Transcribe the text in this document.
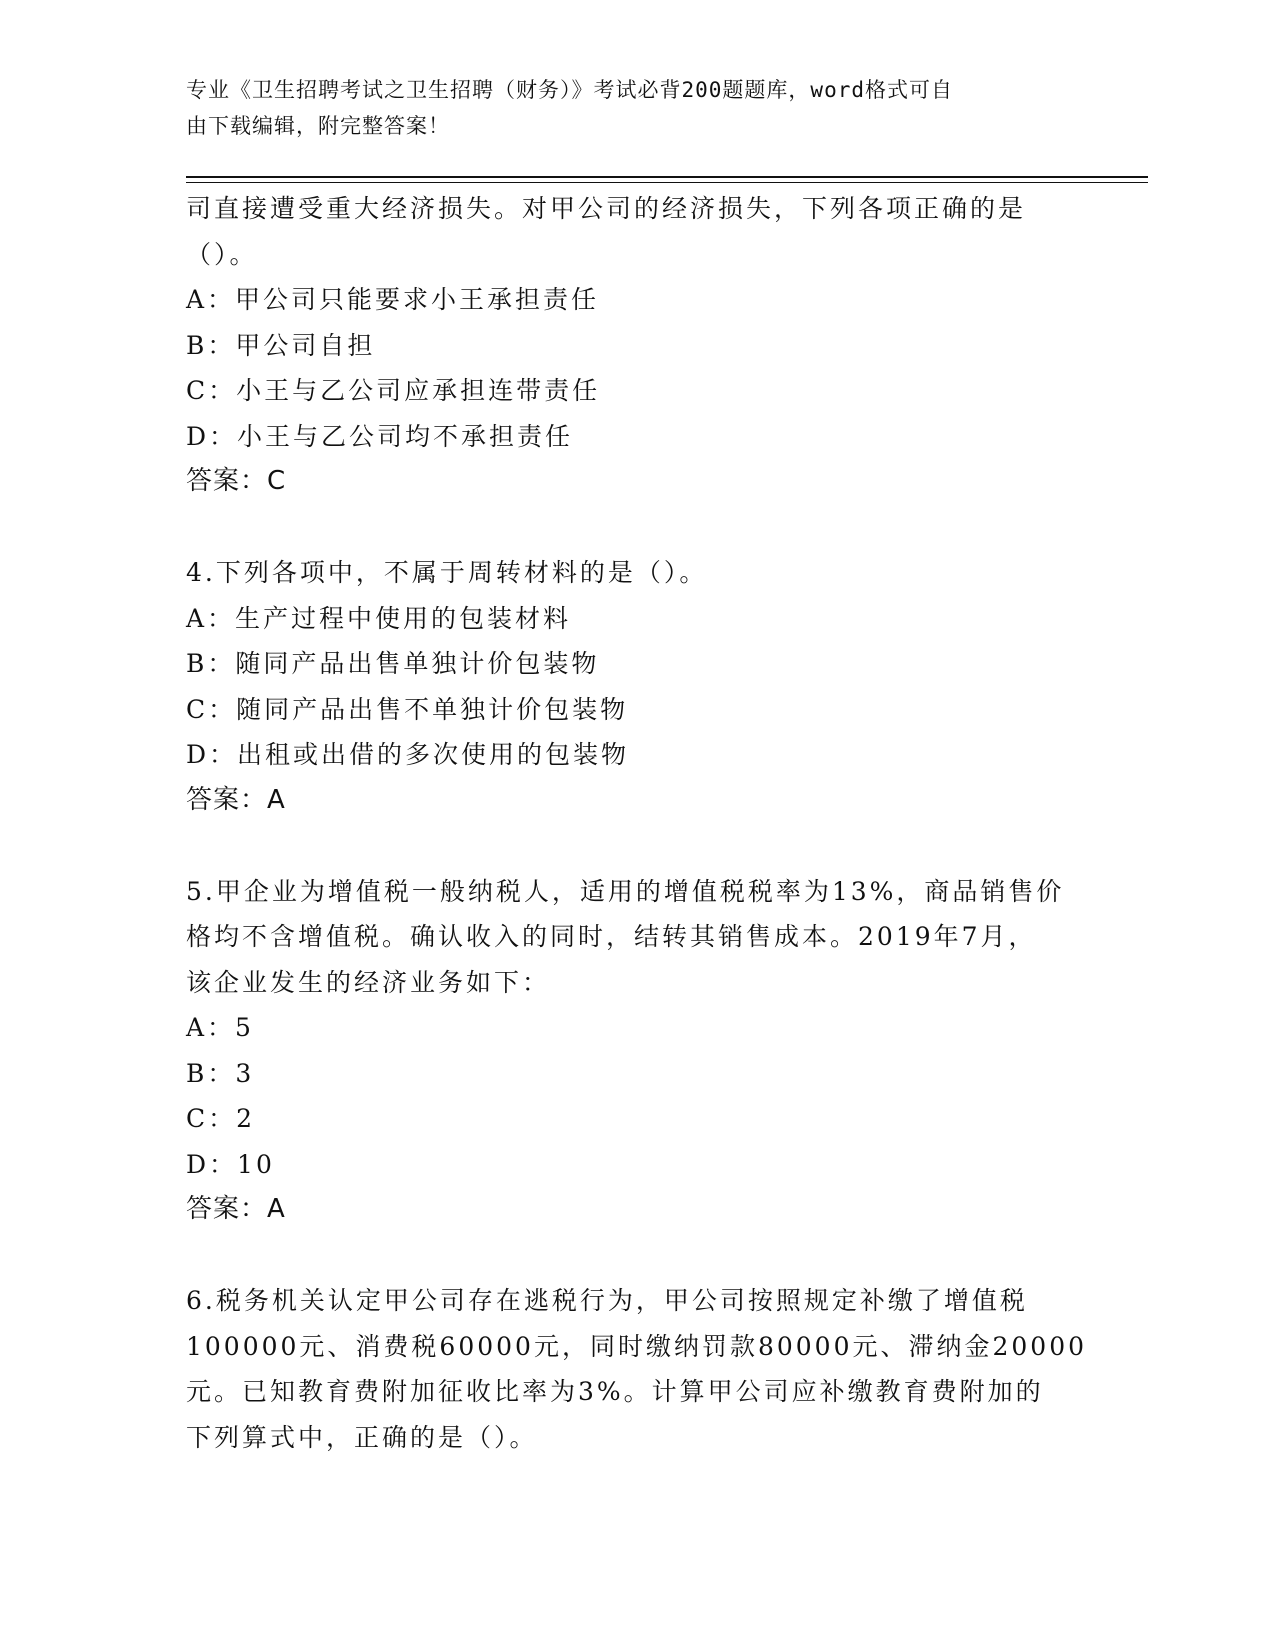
专业《卫生招聘考试之卫生招聘（财务）》考试必背200题题库，word格式可自
由下载编辑，附完整答案！
司直接遭受重大经济损失。对甲公司的经济损失，下列各项正确的是
（）。
A：甲公司只能要求小王承担责任
B：甲公司自担
C：小王与乙公司应承担连带责任
D：小王与乙公司均不承担责任
答案：C
4.下列各项中，不属于周转材料的是（）。
A：生产过程中使用的包装材料
B：随同产品出售单独计价包装物
C：随同产品出售不单独计价包装物
D：出租或出借的多次使用的包装物
答案：A
5.甲企业为增值税一般纳税人，适用的增值税税率为13%，商品销售价
格均不含增值税。确认收入的同时，结转其销售成本。2019年7月，
该企业发生的经济业务如下：
A：5
B：3
C：2
D：10
答案：A
6.税务机关认定甲公司存在逃税行为，甲公司按照规定补缴了增值税
100000元、消费税60000元，同时缴纳罚款80000元、滞纳金20000
元。已知教育费附加征收比率为3%。计算甲公司应补缴教育费附加的
下列算式中，正确的是（）。
